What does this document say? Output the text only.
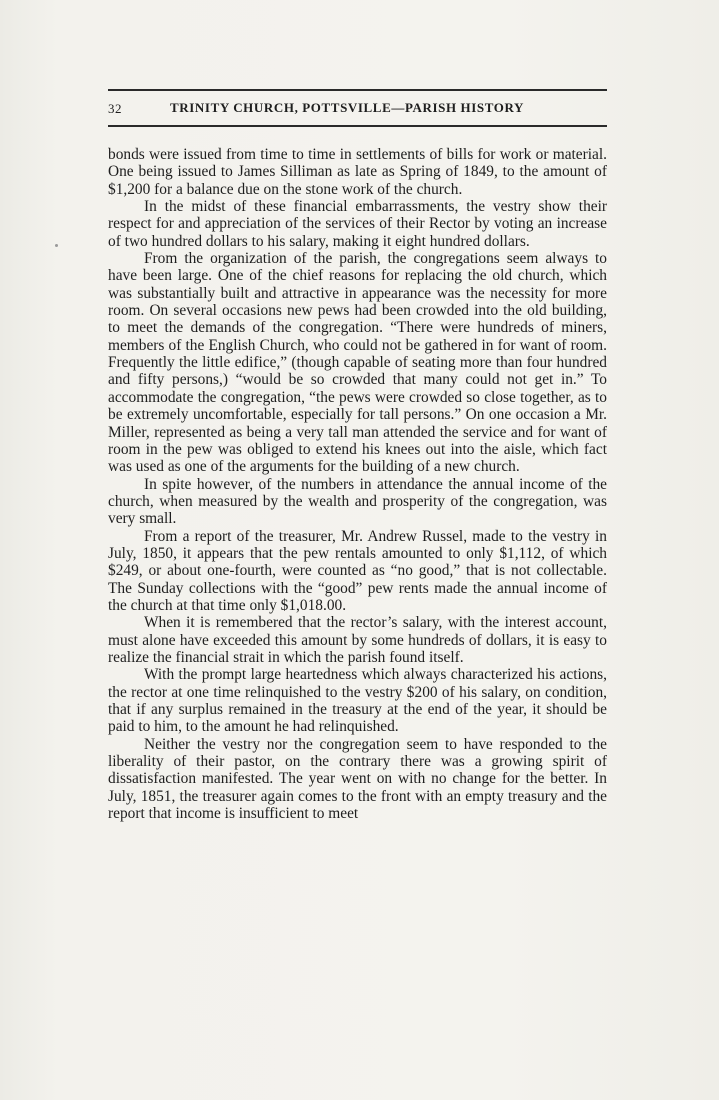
32	TRINITY CHURCH, POTTSVILLE—PARISH HISTORY

bonds were issued from time to time in settlements of bills for work or material. One being issued to James Silliman as late as Spring of 1849, to the amount of $1,200 for a balance due on the stone work of the church.

In the midst of these financial embarrassments, the vestry show their respect for and appreciation of the services of their Rector by voting an increase of two hundred dollars to his salary, making it eight hundred dollars.

From the organization of the parish, the congregations seem always to have been large. One of the chief reasons for replacing the old church, which was substantially built and attractive in appearance was the necessity for more room. On several occasions new pews had been crowded into the old building, to meet the demands of the congregation. “There were hundreds of miners, members of the English Church, who could not be gathered in for want of room. Frequently the little edifice,” (though capable of seating more than four hundred and fifty persons,) “would be so crowded that many could not get in.” To accommodate the congregation, “the pews were crowded so close together, as to be extremely uncomfortable, especially for tall persons.” On one occasion a Mr. Miller, represented as being a very tall man attended the service and for want of room in the pew was obliged to extend his knees out into the aisle, which fact was used as one of the arguments for the building of a new church.

In spite however, of the numbers in attendance the annual income of the church, when measured by the wealth and prosperity of the congregation, was very small.

From a report of the treasurer, Mr. Andrew Russel, made to the vestry in July, 1850, it appears that the pew rentals amounted to only $1,112, of which $249, or about one-fourth, were counted as “no good,” that is not collectable. The Sunday collections with the “good” pew rents made the annual income of the church at that time only $1,018.00.

When it is remembered that the rector’s salary, with the interest account, must alone have exceeded this amount by some hundreds of dollars, it is easy to realize the financial strait in which the parish found itself.

With the prompt large heartedness which always characterized his actions, the rector at one time relinquished to the vestry $200 of his salary, on condition, that if any surplus remained in the treasury at the end of the year, it should be paid to him, to the amount he had relinquished.

Neither the vestry nor the congregation seem to have responded to the liberality of their pastor, on the contrary there was a growing spirit of dissatisfaction manifested. The year went on with no change for the better. In July, 1851, the treasurer again comes to the front with an empty treasury and the report that income is insufficient to meet
